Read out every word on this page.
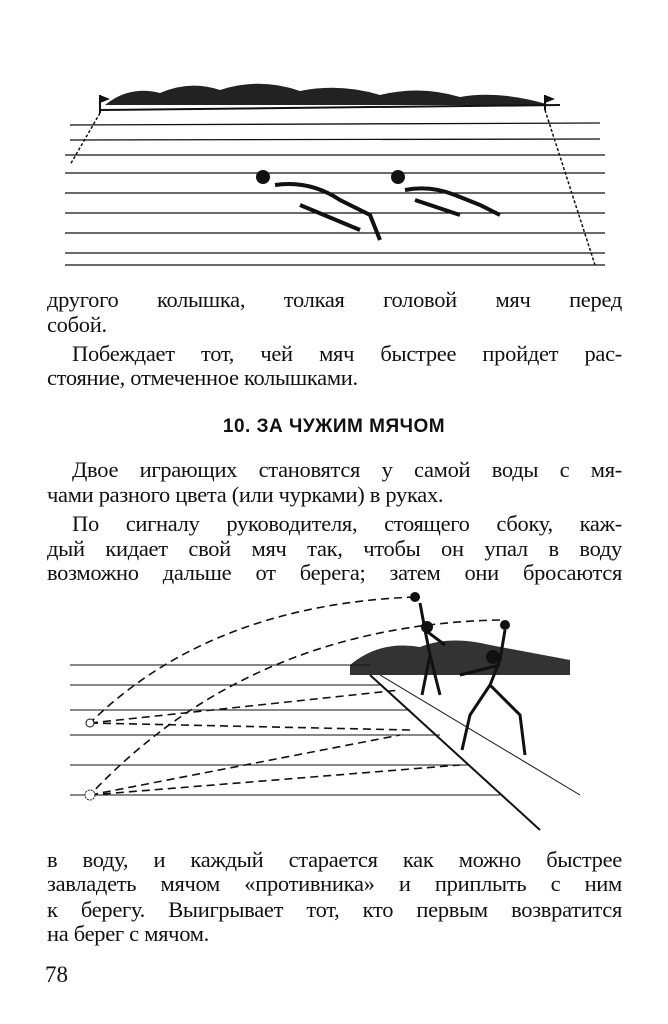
другого колышка, толкая головой мяч перед
собой.
Побеждает тот, чей мяч быстрее пройдет рас-
стояние, отмеченное колышками.
10. ЗА ЧУЖИМ МЯЧОМ
Двое играющих становятся у самой воды с мя-
чами разного цвета (или чурками) в руках.
По сигналу руководителя, стоящего сбоку, каж-
дый кидает свой мяч так, чтобы он упал в воду
возможно дальше от берега; затем они бросаются
в воду, и каждый старается как можно быстрее
завладеть мячом «противника» и приплыть с ним
к берегу. Выигрывает тот, кто первым возвратится
на берег с мячом.
78
